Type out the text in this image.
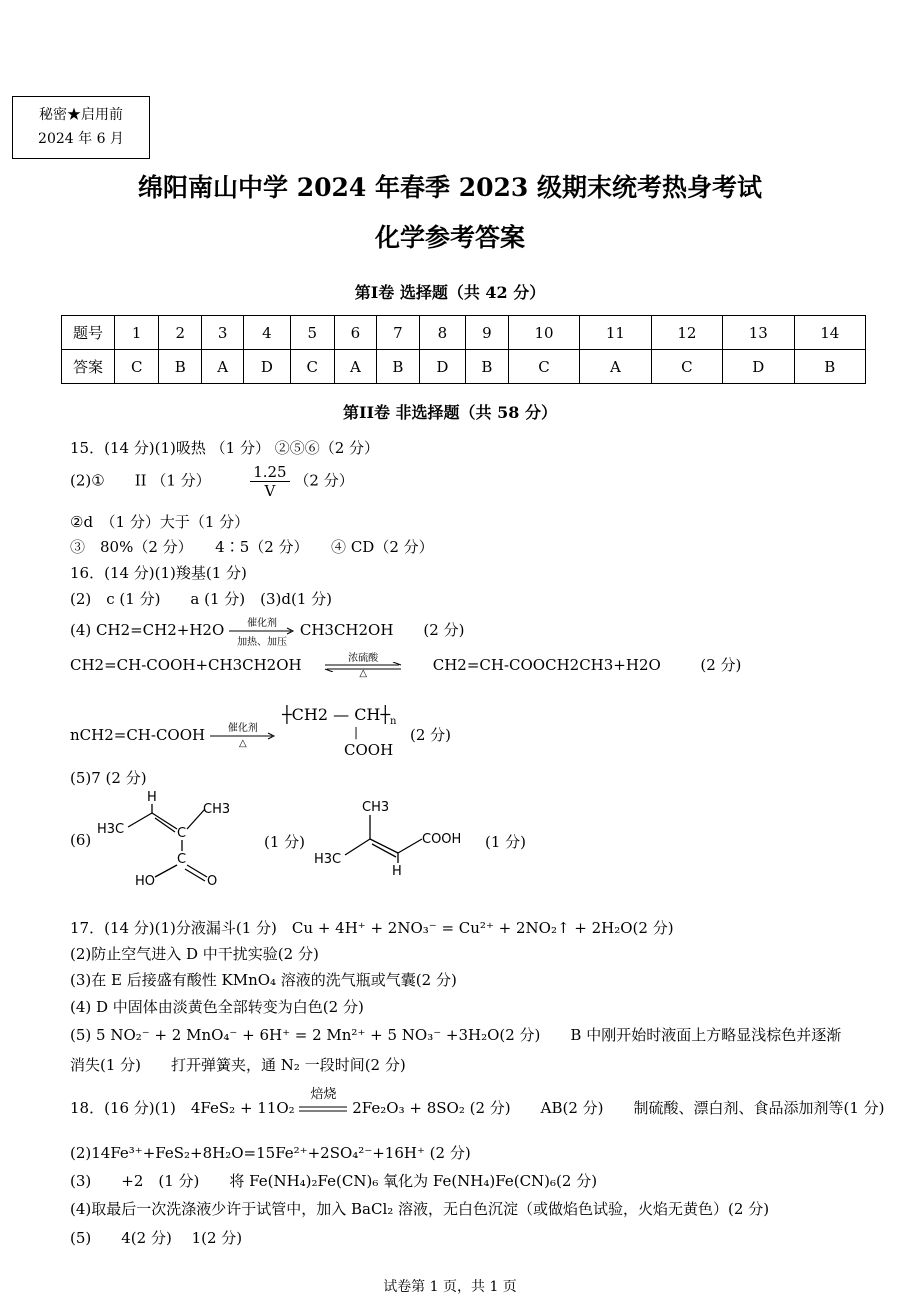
秘密★启用前
2024 年 6 月
绵阳南山中学 2024 年春季 2023 级期末统考热身考试
化学参考答案
第I卷 选择题（共 42 分）
题号	1	2	3	4	5	6	7	8	9	10	11	12	13	14
答案	C	B	A	D	C	A	B	D	B	C	A	C	D	B
第II卷 非选择题（共 58 分）
15．(14 分)(1)吸热 （1 分） ②⑤⑥（2 分）
(2)①　　II （1 分）	$\frac{1.25}{V} (2$ 分）
②d　（1 分）大于（1 分）
③　80%（2 分）　　4∶5（2 分）　　④ CD（2 分）
16．(14 分)(1)羧基(1 分)
(2)　c (1 分)　　a (1 分)　(3)d(1 分)
(4) CH2=CH2+H2O	催化剂
加热、加压
CH3CH2OH　　(2 分)
CH2=CH-COOH+CH3CH2OH	浓硫酸
△	CH2=CH-COOCH2CH3+H2O	(2 分)
nCH2=CH-COOH	催化剂
△
┼CH2 — $CH┼_n$
|
COOH
(2 分)
(5)7 (2 分)
(6)
H
CH3
H3C	C
C
HO	O
(1 分)
CH3
H3C
COOH
H
(1 分)
17．(14 分)(1)分液漏斗(1 分)　Cu + 4H⁺ + 2NO₃⁻ = Cu²⁺ + 2NO₂↑ + 2H₂O(2 分)
(2)防止空气进入 D 中干扰实验(2 分)
(3)在 E 后接盛有酸性 KMnO₄ 溶液的洗气瓶或气囊(2 分)
(4) D 中固体由淡黄色全部转变为白色(2 分)
(5) 5 NO₂⁻ + 2 MnO₄⁻ + 6H⁺ = 2 Mn²⁺ + 5 NO₃⁻ +3H₂O(2 分)　　B 中刚开始时液面上方略显浅棕色并逐渐
消失(1 分)　　打开弹簧夹，通 N₂ 一段时间(2 分)
18．(16 分)(1)　4FeS₂ + 11O₂
焙烧
2Fe₂O₃ + 8SO₂ (2 分)　　AB(2 分)　　制硫酸、漂白剂、食品添加剂等(1 分)
(2)14Fe³⁺+FeS₂+8H₂O=15Fe²⁺+2SO₄²⁻+16H⁺ (2 分)
(3)　　+2　(1 分)　　将 Fe(NH₄)₂Fe(CN)₆ 氧化为 Fe(NH₄)Fe(CN)₆(2 分)
(4)取最后一次洗涤液少许于试管中，加入 BaCl₂ 溶液，无白色沉淀（或做焰色试验，火焰无黄色）(2 分)
(5)　　4(2 分)　 1(2 分)
试卷第 1 页，共 1 页
